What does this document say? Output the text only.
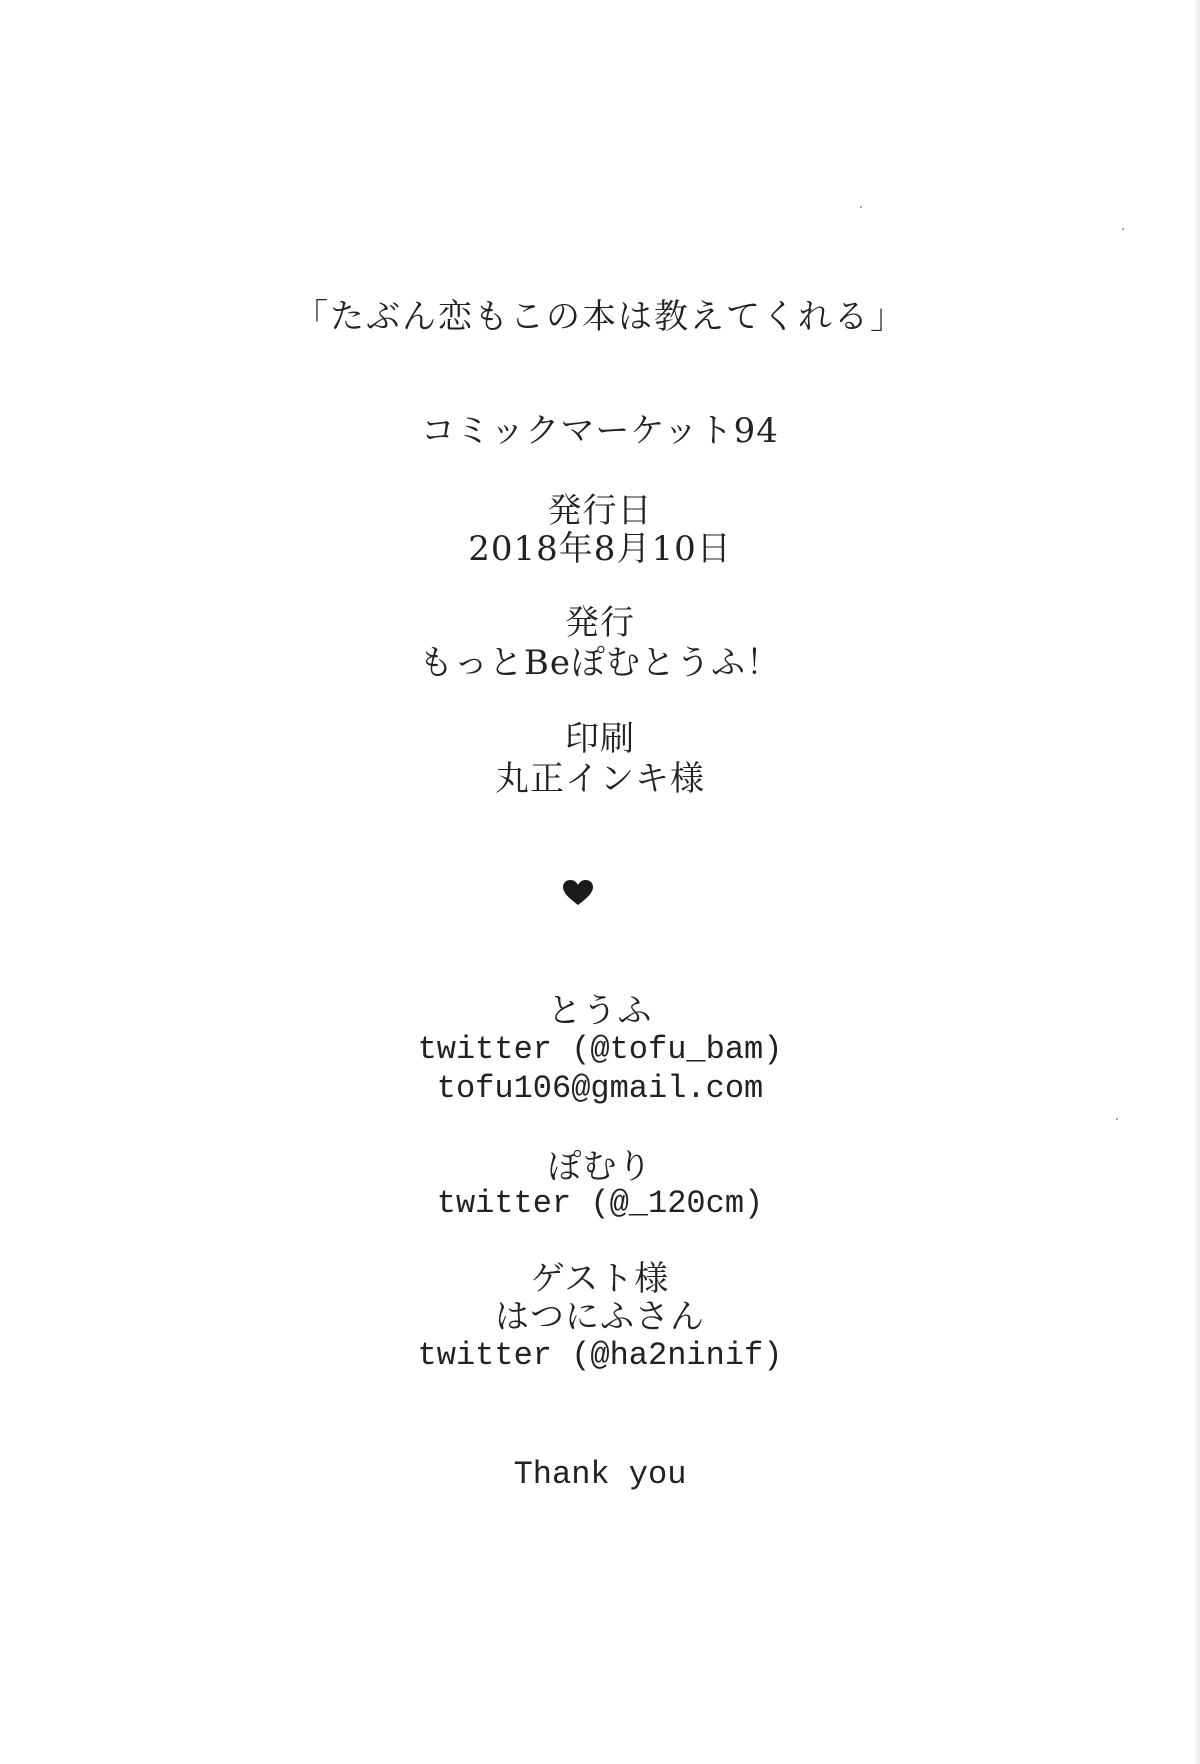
「たぶん恋もこの本は教えてくれる」
コミックマーケット94
発行日
2018年8月10日
発行
もっとBeぽむとうふ！
印刷
丸正インキ様
とうふ
twitter (@tofu_bam)
tofu106@gmail.com
ぽむり
twitter (@_120cm)
ゲスト様
はつにふさん
twitter (@ha2ninif)
Thank you
